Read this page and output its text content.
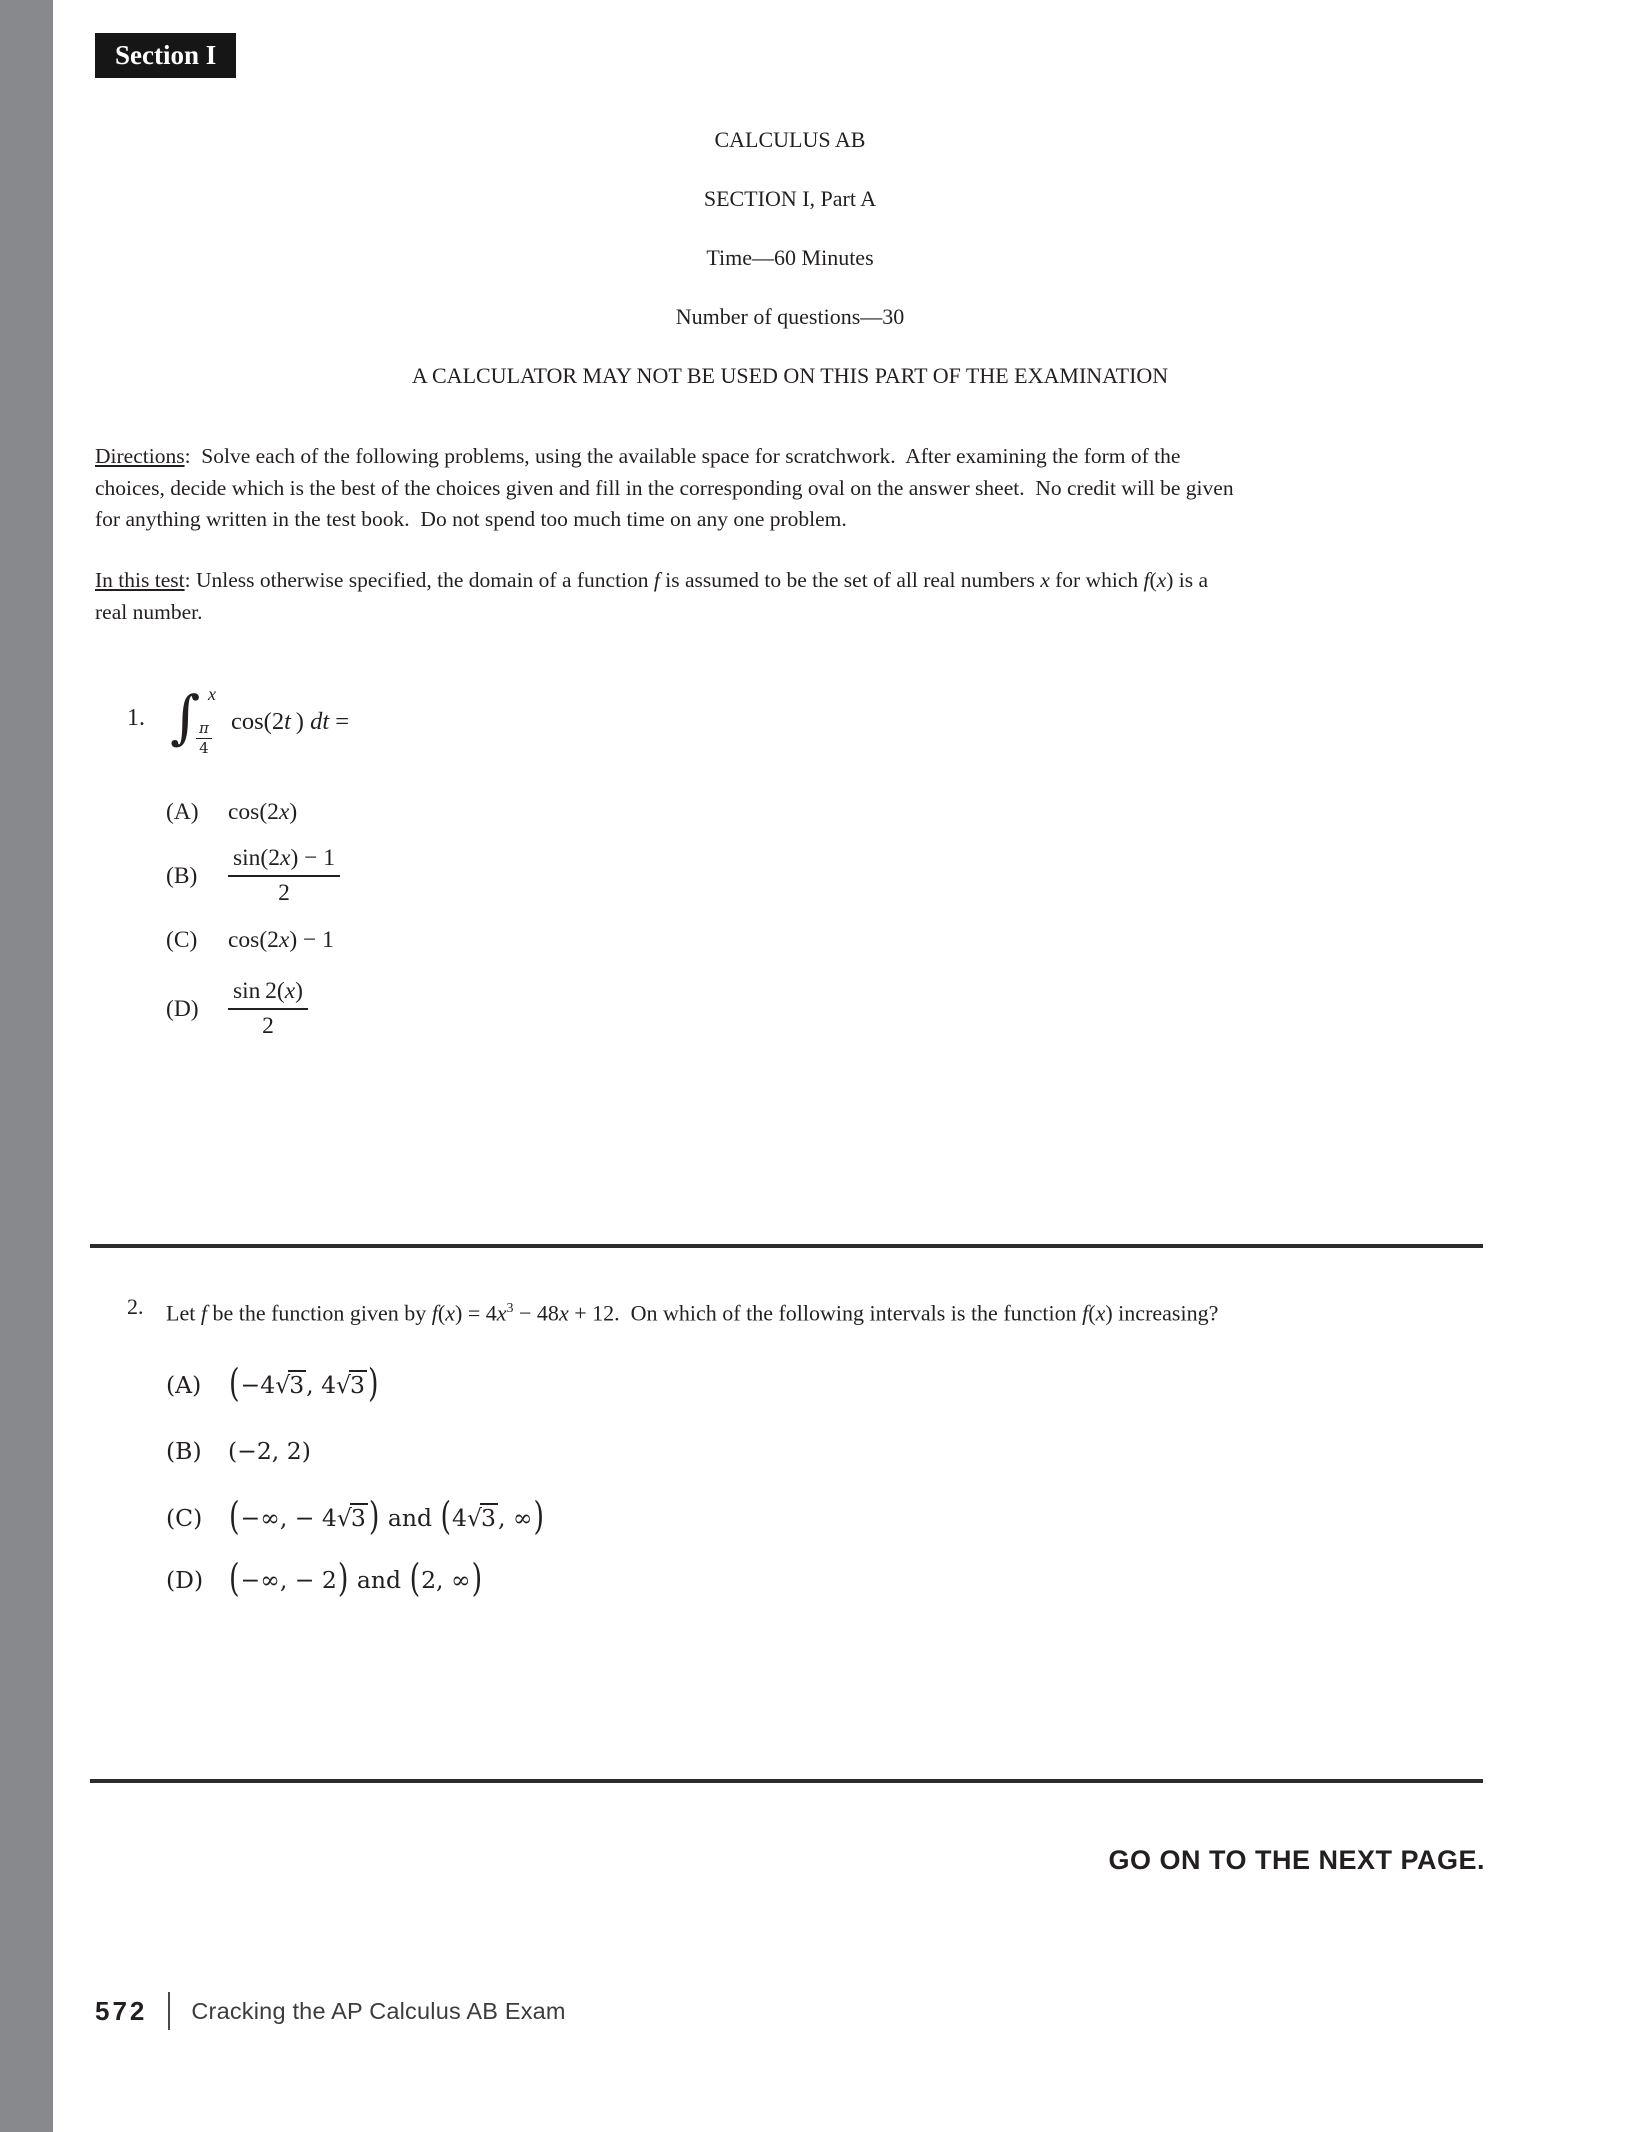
Section I
CALCULUS AB
SECTION I, Part A
Time—60 Minutes
Number of questions—30
A CALCULATOR MAY NOT BE USED ON THIS PART OF THE EXAMINATION
Directions:  Solve each of the following problems, using the available space for scratchwork.  After examining the form of the
choices, decide which is the best of the choices given and fill in the corresponding oval on the answer sheet.  No credit will be given
for anything written in the test book.  Do not spend too much time on any one problem.
In this test: Unless otherwise specified, the domain of a function f is assumed to be the set of all real numbers x for which f(x) is a
real number.
1. ∫ x
$\frac{\pi}{4} \cos(2t$ ) dt =
(A)	cos(2x)
(B)	$\frac{\sin(2x) - 1}{2}$
(C)	cos(2x) − 1
(D)	$\frac{\sin 2(x)}{2}$
2. Let f be the function given by $f(x) = 4x^3 - 48x + 12$.  On which of the following intervals is the function f(x) increasing?
(A)	(−4√3, 4√3 )
(B)	(−2, 2)
(C) (−∞, − 4√3 ) and (4√3, ∞)
(D) (−∞, − 2) and (2, ∞)
GO ON TO THE NEXT PAGE.
572 Cracking the AP Calculus AB Exam
